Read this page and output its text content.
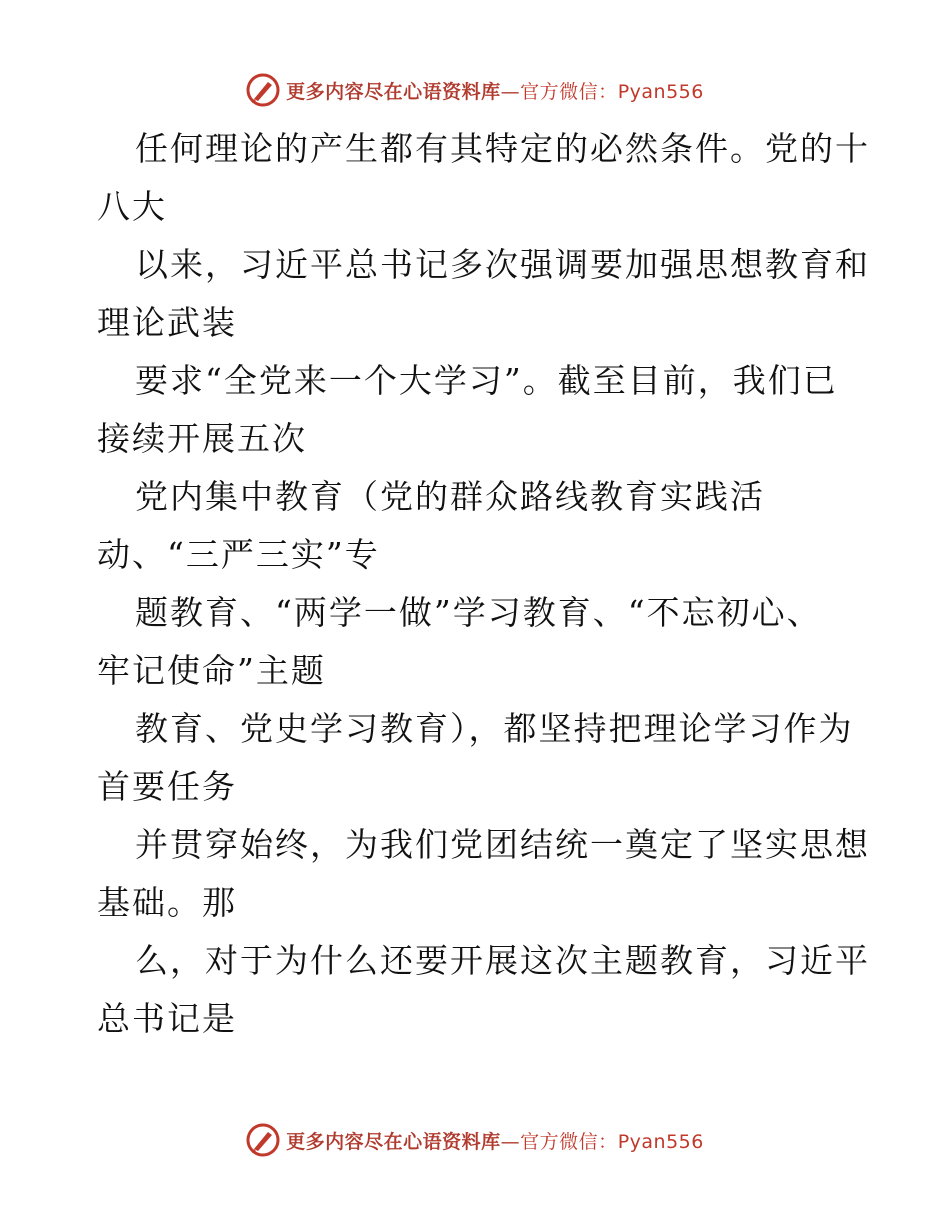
更多内容尽在心语资料库—官方微信：Pyan556
任何理论的产生都有其特定的必然条件。党的十
八大
以来，习近平总书记多次强调要加强思想教育和
理论武装
要求“全党来一个大学习”。截至目前，我们已
接续开展五次
党内集中教育（党的群众路线教育实践活
动、“三严三实”专
题教育、“两学一做”学习教育、“不忘初心、
牢记使命”主题
教育、党史学习教育），都坚持把理论学习作为
首要任务
并贯穿始终，为我们党团结统一奠定了坚实思想
基础。那
么，对于为什么还要开展这次主题教育，习近平
总书记是
更多内容尽在心语资料库—官方微信：Pyan556
